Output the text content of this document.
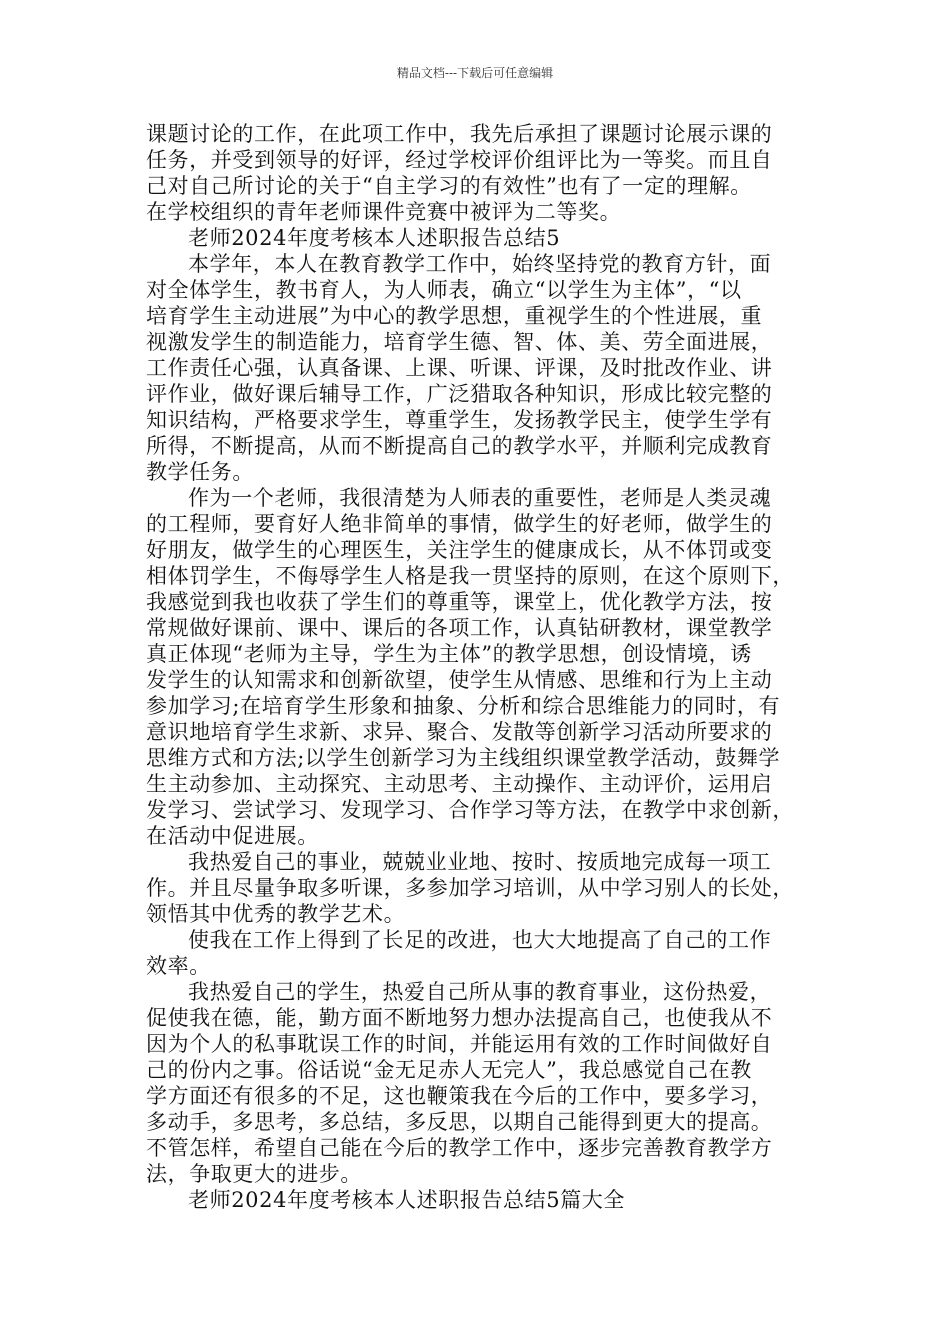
精品文档---下载后可任意编辑
课题讨论的工作，在此项工作中，我先后承担了课题讨论展示课的
任务，并受到领导的好评，经过学校评价组评比为一等奖。而且自
己对自己所讨论的关于“自主学习的有效性”也有了一定的理解。
在学校组织的青年老师课件竞赛中被评为二等奖。
老师2024年度考核本人述职报告总结5
本学年，本人在教育教学工作中，始终坚持党的教育方针，面
对全体学生，教书育人，为人师表，确立“以学生为主体”，“以
培育学生主动进展”为中心的教学思想，重视学生的个性进展，重
视激发学生的制造能力，培育学生德、智、体、美、劳全面进展，
工作责任心强，认真备课、上课、听课、评课，及时批改作业、讲
评作业，做好课后辅导工作，广泛猎取各种知识，形成比较完整的
知识结构，严格要求学生，尊重学生，发扬教学民主，使学生学有
所得，不断提高，从而不断提高自己的教学水平，并顺利完成教育
教学任务。
作为一个老师，我很清楚为人师表的重要性，老师是人类灵魂
的工程师，要育好人绝非简单的事情，做学生的好老师，做学生的
好朋友，做学生的心理医生，关注学生的健康成长，从不体罚或变
相体罚学生，不侮辱学生人格是我一贯坚持的原则，在这个原则下，
我感觉到我也收获了学生们的尊重等，课堂上，优化教学方法，按
常规做好课前、课中、课后的各项工作，认真钻研教材，课堂教学
真正体现“老师为主导，学生为主体”的教学思想，创设情境，诱
发学生的认知需求和创新欲望，使学生从情感、思维和行为上主动
参加学习;在培育学生形象和抽象、分析和综合思维能力的同时，有
意识地培育学生求新、求异、聚合、发散等创新学习活动所要求的
思维方式和方法;以学生创新学习为主线组织课堂教学活动，鼓舞学
生主动参加、主动探究、主动思考、主动操作、主动评价，运用启
发学习、尝试学习、发现学习、合作学习等方法，在教学中求创新，
在活动中促进展。
我热爱自己的事业，兢兢业业地、按时、按质地完成每一项工
作。并且尽量争取多听课，多参加学习培训，从中学习别人的长处，
领悟其中优秀的教学艺术。
使我在工作上得到了长足的改进，也大大地提高了自己的工作
效率。
我热爱自己的学生，热爱自己所从事的教育事业，这份热爱，
促使我在德，能，勤方面不断地努力想办法提高自己，也使我从不
因为个人的私事耽误工作的时间，并能运用有效的工作时间做好自
己的份内之事。俗话说“金无足赤人无完人”，我总感觉自己在教
学方面还有很多的不足，这也鞭策我在今后的工作中，要多学习，
多动手，多思考，多总结，多反思，以期自己能得到更大的提高。
不管怎样，希望自己能在今后的教学工作中，逐步完善教育教学方
法，争取更大的进步。
老师2024年度考核本人述职报告总结5篇大全
